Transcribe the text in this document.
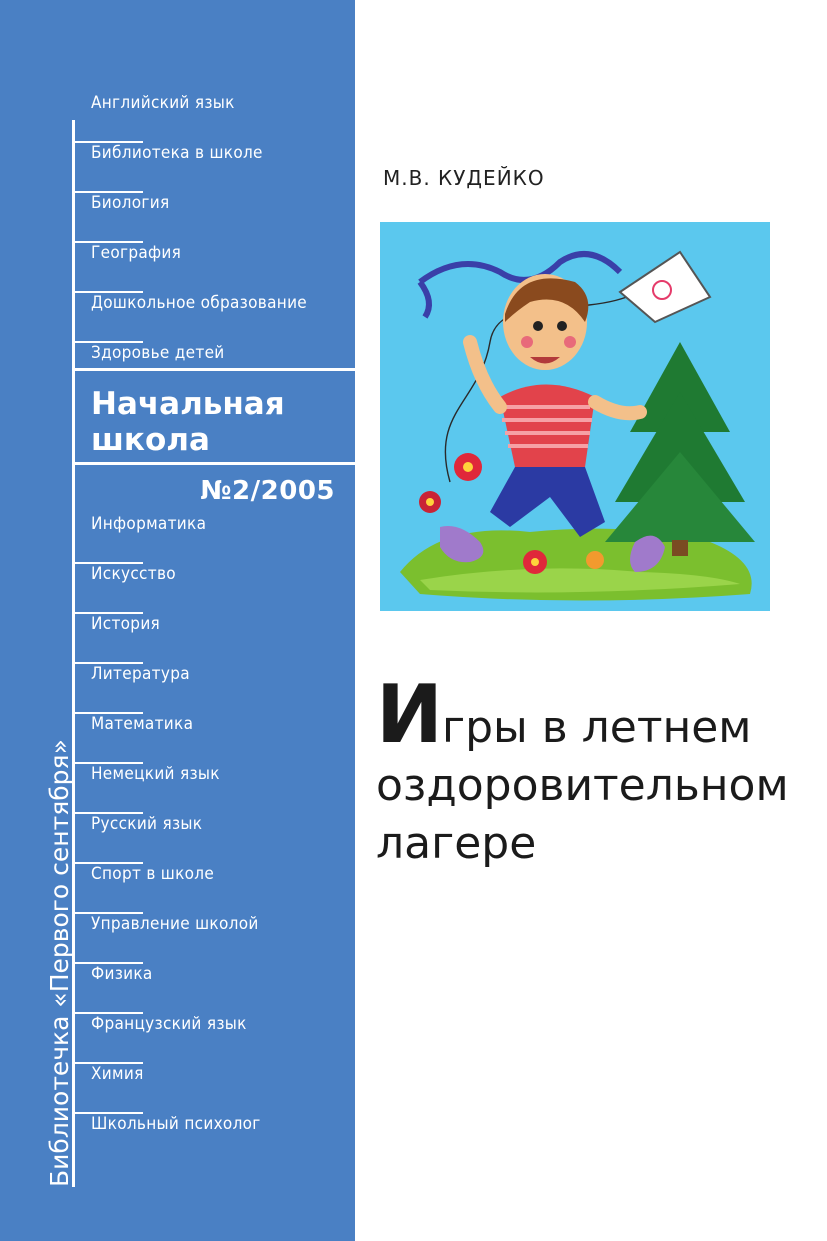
Английский язык
Библиотека в школе
Биология
География
Дошкольное образование
Здоровье детей
Начальная школа
№2/2005
Информатика
Искусство
История
Литература
Математика
Немецкий язык
Русский язык
Спорт в школе
Управление школой
Физика
Французский язык
Химия
Школьный психолог
Библиотечка «Первого сентября»
М.В. КУДЕЙКО
Игры в летнем
оздоровительном
лагере
